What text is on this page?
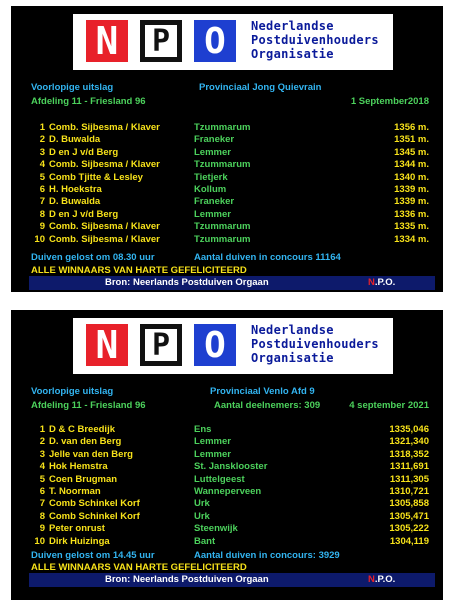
N	P O	Nederlandse
Postduivenhouders
Organisatie
Voorlopige uitslag	Provinciaal Jong Quievrain
Afdeling 11 - Friesland 96	1 September2018
Duiven gelost om 08.30 uur	Aantal duiven in concours 11164
ALLE WINNAARS VAN HARTE GEFELICITEERD
Bron: Neerlands Postduiven Orgaan	N.P.O.
1 Comb. Sijbesma / Klaver	Tzummarum	1356 m.
2 D. Buwalda	Franeker	1351 m.
3 D en J v/d Berg	Lemmer	1345 m.
4 Comb. Sijbesma / Klaver	Tzummarum	1344 m.
5 Comb Tjitte & Lesley	Tietjerk	1340 m.
6 H. Hoekstra	Kollum	1339 m.
7 D. Buwalda	Franeker	1339 m.
8 D en J v/d Berg	Lemmer	1336 m.
9 Comb. Sijbesma / Klaver	Tzummarum	1335 m.
10 Comb. Sijbesma / Klaver	Tzummarum	1334 m.
N	P O	Nederlandse
Postduivenhouders
Organisatie
Voorlopige uitslag	Provinciaal Venlo Afd 9
Afdeling 11 - Friesland 96	Aantal deelnemers: 309	4 september 2021
Duiven gelost om 14.45 uur	Aantal duiven in concours: 3929
ALLE WINNAARS VAN HARTE GEFELICITEERD
Bron: Neerlands Postduiven Orgaan	N.P.O.
1 D & C Breedijk	Ens	1335,046
2 D. van den Berg	Lemmer	1321,340
3 Jelle van den Berg	Lemmer	1318,352
4 Hok Hemstra	St. Jansklooster	1311,691
5 Coen Brugman	Luttelgeest	1311,305
6 T. Noorman	Wanneperveen	1310,721
7 Comb Schinkel Korf	Urk	1305,858
8 Comb Schinkel Korf	Urk	1305,471
9 Peter onrust	Steenwijk	1305,222
10 Dirk Huizinga	Bant	1304,119
